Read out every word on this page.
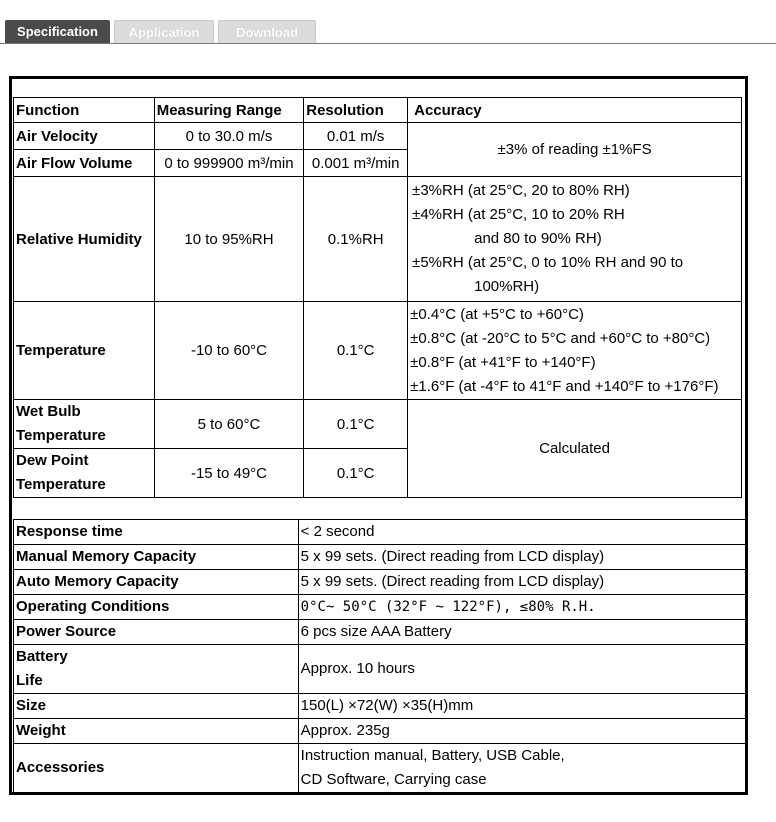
Specification	Application	Download
Function	Measuring Range	Resolution	Accuracy
Air Velocity	0 to 30.0 m/s	0.01 m/s	±3% of reading ±1%FS
Air Flow Volume	0 to 999900 m³/min	0.001 m³/min	
Relative Humidity	10 to 95%RH	0.1%RH	±3%RH (at 25°C, 20 to 80% RH)
±4%RH (at 25°C, 10 to 20% RH
and 80 to 90% RH)
±5%RH (at 25°C, 0 to 10% RH and 90 to
100%RH)

Temperature	-10 to 60°C	0.1°C	±0.4°C (at +5°C to +60°C)
±0.8°C (at -20°C to 5°C and +60°C to +80°C)
±0.8°F (at +41°F to +140°F)
±1.6°F (at -4°F to 41°F and +140°F to +176°F)

Wet Bulb
Temperature	5 to 60°C	0.1°C	Calculated

Dew Point
Temperature	-15 to 49°C	0.1°C	
Response time	< 2 second
Manual Memory Capacity	5 x 99 sets. (Direct reading from LCD display)
Auto Memory Capacity	5 x 99 sets. (Direct reading from LCD display)
Operating Conditions	0°C~ 50°C (32°F ~ 122°F), ≤80% R.H.
Power Source	6 pcs size AAA Battery

Battery
Life	Approx. 10 hours
Size	150(L) ×72(W) ×35(H)mm
Weight	Approx. 235g
Accessories	Instruction manual, Battery, USB Cable,
CD Software, Carrying case
